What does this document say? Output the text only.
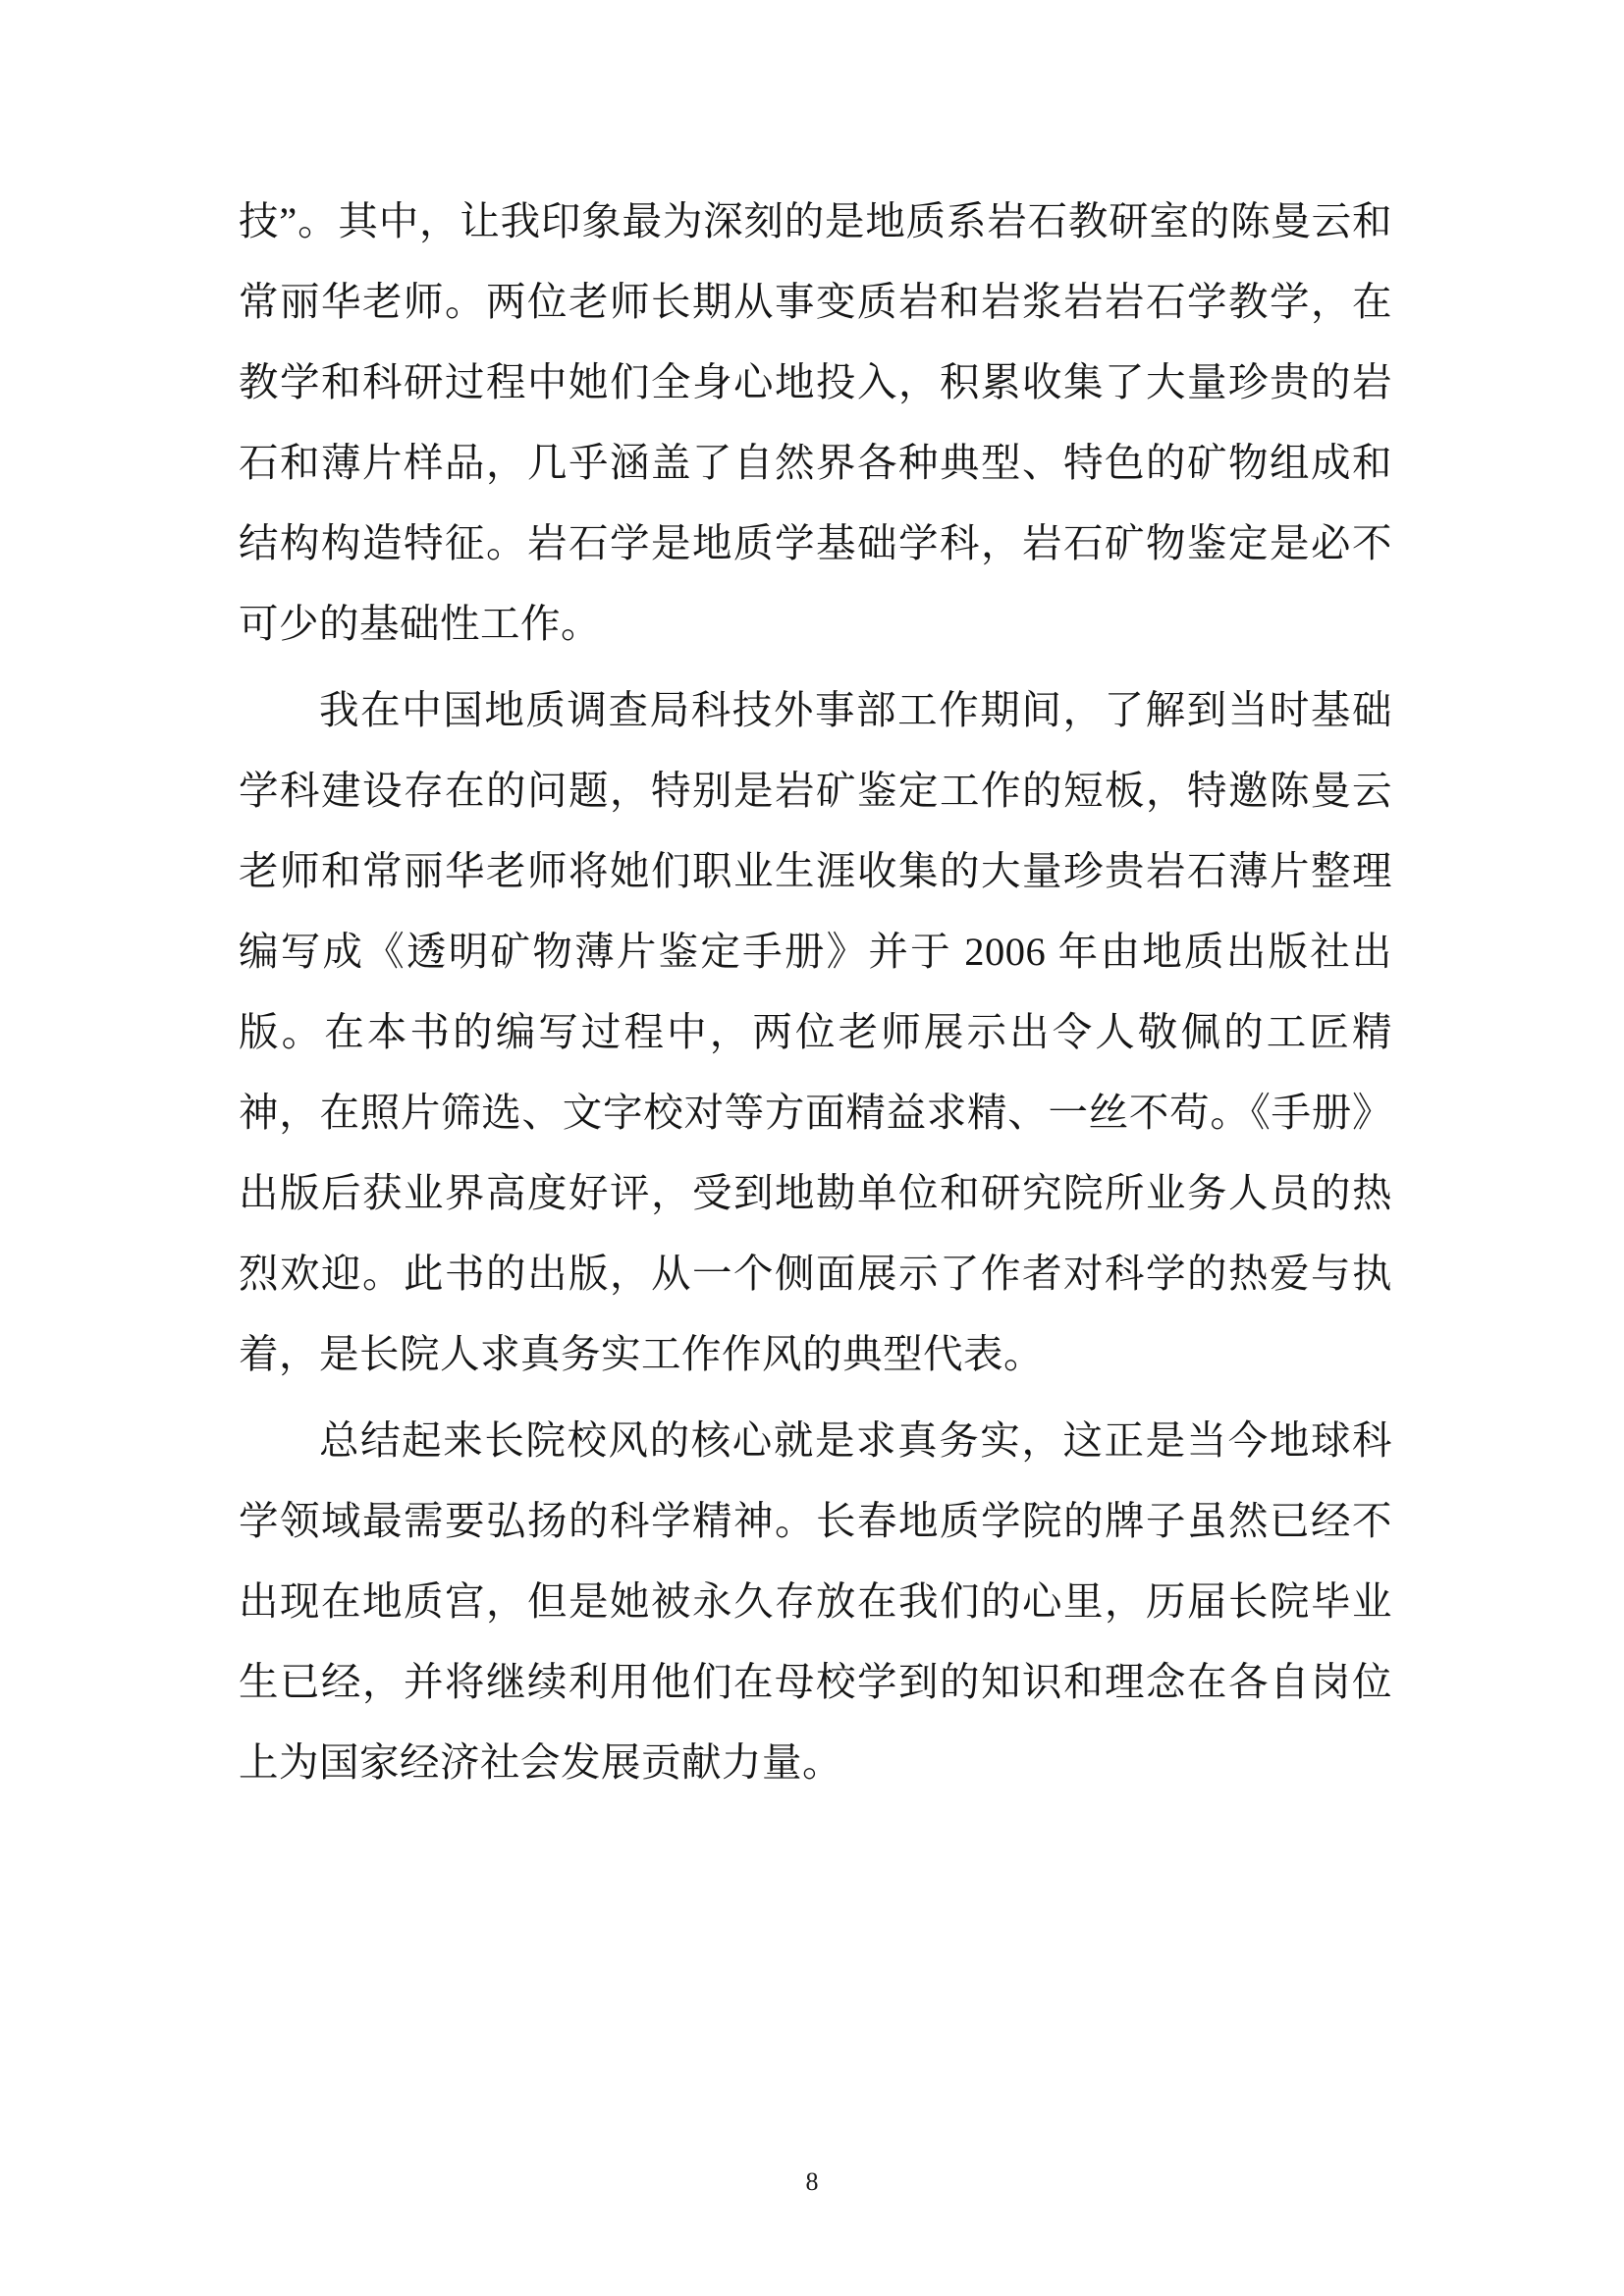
技”。其中，让我印象最为深刻的是地质系岩石教研室的陈曼云和常丽华老师。两位老师长期从事变质岩和岩浆岩岩石学教学，在教学和科研过程中她们全身心地投入，积累收集了大量珍贵的岩石和薄片样品，几乎涵盖了自然界各种典型、特色的矿物组成和结构构造特征。岩石学是地质学基础学科，岩石矿物鉴定是必不可少的基础性工作。

我在中国地质调查局科技外事部工作期间，了解到当时基础学科建设存在的问题，特别是岩矿鉴定工作的短板，特邀陈曼云老师和常丽华老师将她们职业生涯收集的大量珍贵岩石薄片整理编写成《透明矿物薄片鉴定手册》并于 2006 年由地质出版社出版。在本书的编写过程中，两位老师展示出令人敬佩的工匠精神，在照片筛选、文字校对等方面精益求精、一丝不苟。《手册》出版后获业界高度好评，受到地勘单位和研究院所业务人员的热烈欢迎。此书的出版，从一个侧面展示了作者对科学的热爱与执着，是长院人求真务实工作作风的典型代表。

总结起来长院校风的核心就是求真务实，这正是当今地球科学领域最需要弘扬的科学精神。长春地质学院的牌子虽然已经不出现在地质宫，但是她被永久存放在我们的心里，历届长院毕业生已经，并将继续利用他们在母校学到的知识和理念在各自岗位上为国家经济社会发展贡献力量。

8
